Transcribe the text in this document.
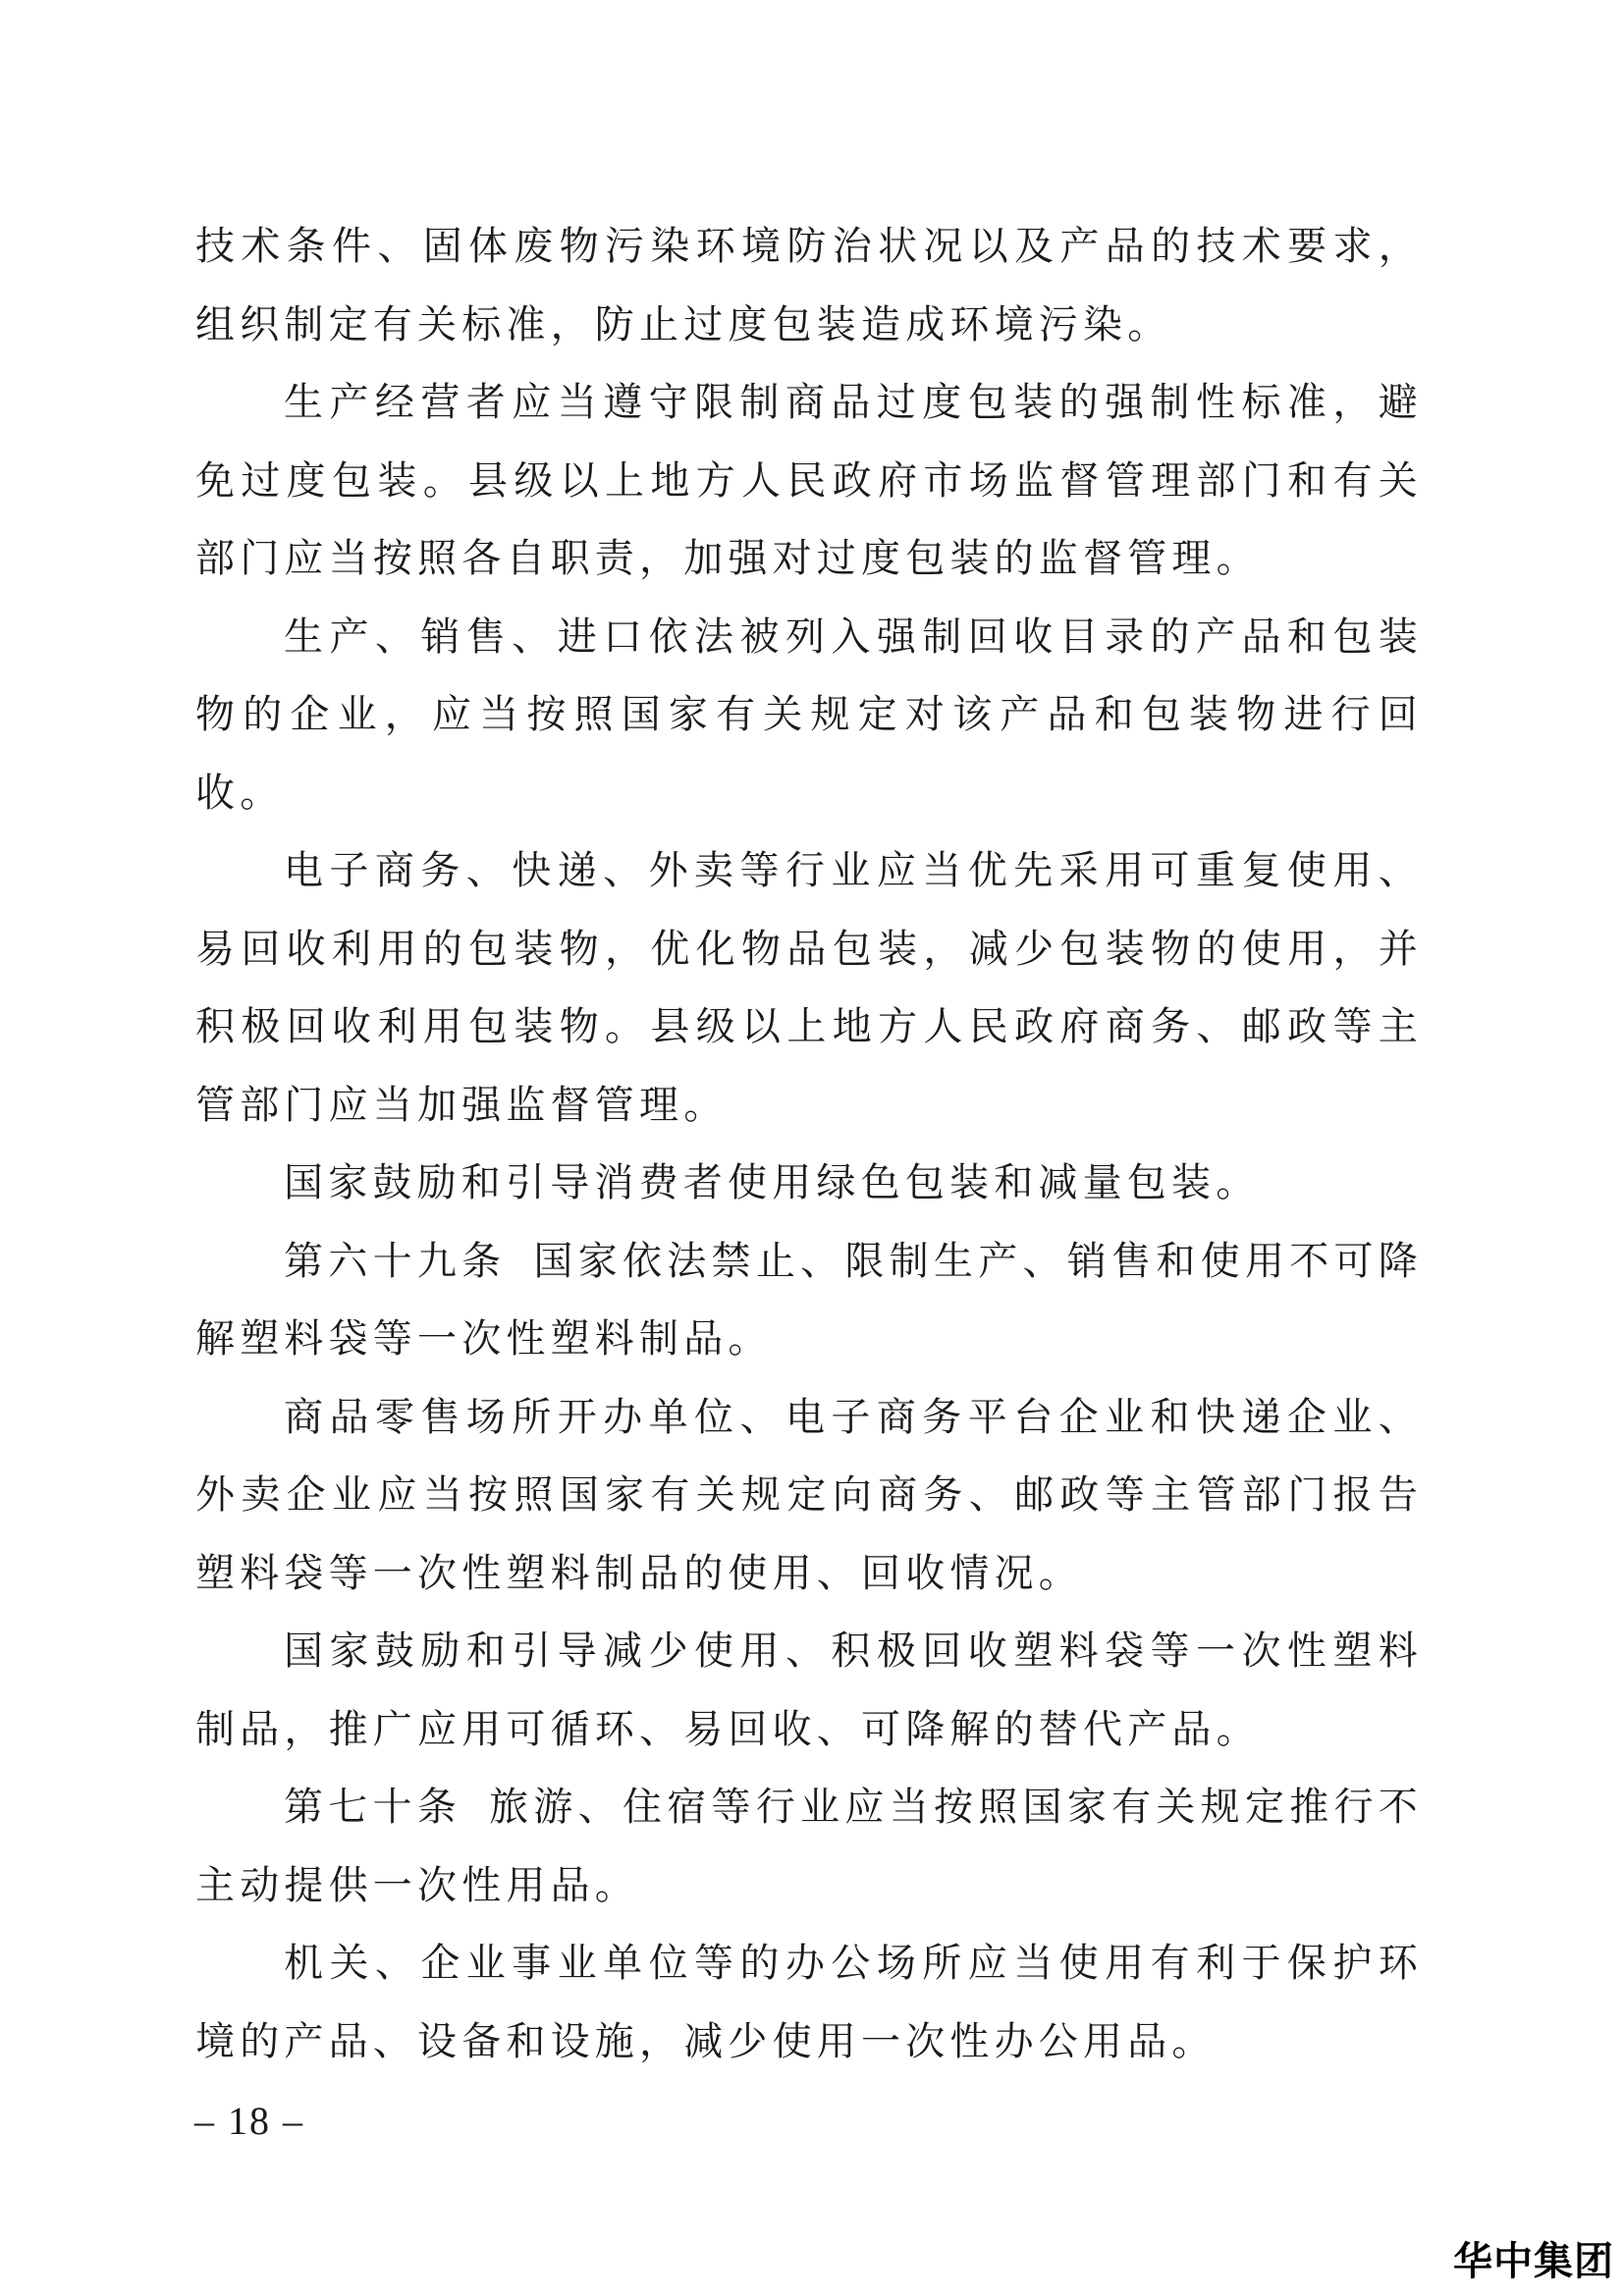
技术条件、固体废物污染环境防治状况以及产品的技术要求，组织制定有关标准，防止过度包装造成环境污染。

生产经营者应当遵守限制商品过度包装的强制性标准，避免过度包装。县级以上地方人民政府市场监督管理部门和有关部门应当按照各自职责，加强对过度包装的监督管理。

生产、销售、进口依法被列入强制回收目录的产品和包装物的企业，应当按照国家有关规定对该产品和包装物进行回收。

电子商务、快递、外卖等行业应当优先采用可重复使用、易回收利用的包装物，优化物品包装，减少包装物的使用，并积极回收利用包装物。县级以上地方人民政府商务、邮政等主管部门应当加强监督管理。

国家鼓励和引导消费者使用绿色包装和减量包装。

第六十九条 国家依法禁止、限制生产、销售和使用不可降解塑料袋等一次性塑料制品。

商品零售场所开办单位、电子商务平台企业和快递企业、外卖企业应当按照国家有关规定向商务、邮政等主管部门报告塑料袋等一次性塑料制品的使用、回收情况。

国家鼓励和引导减少使用、积极回收塑料袋等一次性塑料制品，推广应用可循环、易回收、可降解的替代产品。

第七十条 旅游、住宿等行业应当按照国家有关规定推行不主动提供一次性用品。

机关、企业事业单位等的办公场所应当使用有利于保护环境的产品、设备和设施，减少使用一次性办公用品。

– 18 –
华中集团
